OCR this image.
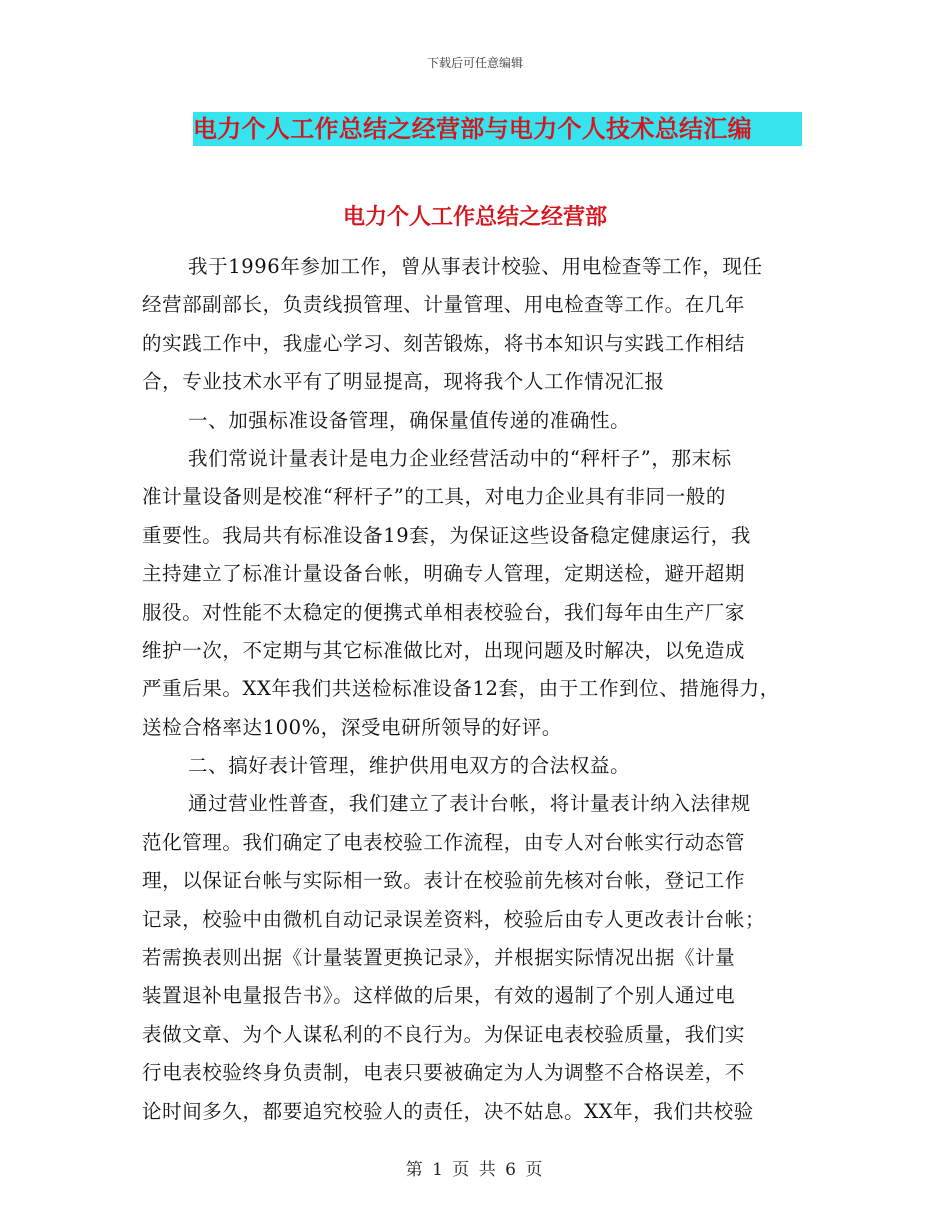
下载后可任意编辑
电力个人工作总结之经营部与电力个人技术总结汇编
电力个人工作总结之经营部
我于1996年参加工作，曾从事表计校验、用电检查等工作，现任
经营部副部长，负责线损管理、计量管理、用电检查等工作。在几年
的实践工作中，我虚心学习、刻苦锻炼，将书本知识与实践工作相结
合，专业技术水平有了明显提高，现将我个人工作情况汇报
一、加强标准设备管理，确保量值传递的准确性。
我们常说计量表计是电力企业经营活动中的“秤杆子”，那末标
准计量设备则是校准“秤杆子”的工具，对电力企业具有非同一般的
重要性。我局共有标准设备19套，为保证这些设备稳定健康运行，我
主持建立了标准计量设备台帐，明确专人管理，定期送检，避开超期
服役。对性能不太稳定的便携式单相表校验台，我们每年由生产厂家
维护一次，不定期与其它标准做比对，出现问题及时解决，以免造成
严重后果。XX年我们共送检标准设备12套，由于工作到位、措施得力，
送检合格率达100%，深受电研所领导的好评。
二、搞好表计管理，维护供用电双方的合法权益。
通过营业性普查，我们建立了表计台帐，将计量表计纳入法律规
范化管理。我们确定了电表校验工作流程，由专人对台帐实行动态管
理，以保证台帐与实际相一致。表计在校验前先核对台帐，登记工作
记录，校验中由微机自动记录误差资料，校验后由专人更改表计台帐；
若需换表则出据《计量装置更换记录》，并根据实际情况出据《计量
装置退补电量报告书》。这样做的后果，有效的遏制了个别人通过电
表做文章、为个人谋私利的不良行为。为保证电表校验质量，我们实
行电表校验终身负责制，电表只要被确定为人为调整不合格误差，不
论时间多久，都要追究校验人的责任，决不姑息。XX年，我们共校验
第 1 页 共 6 页
